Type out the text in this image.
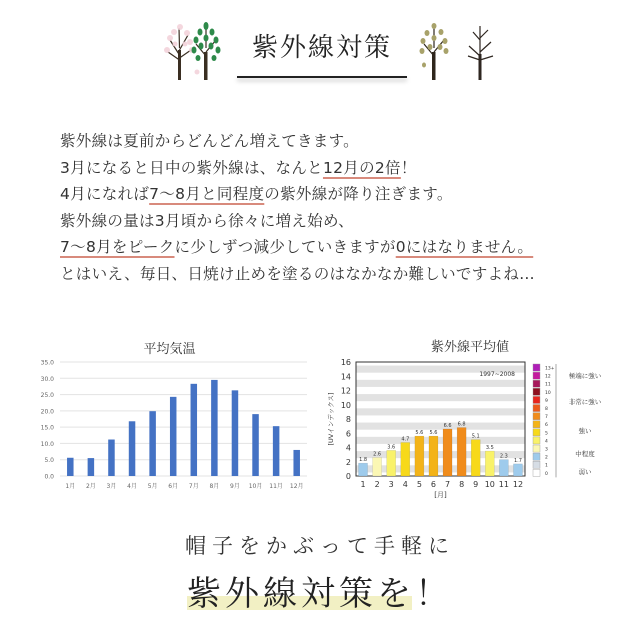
紫外線対策
紫外線は夏前からどんどん増えてきます。
3月になると日中の紫外線は、なんと12月の2倍！
4月になれば7〜8月と同程度の紫外線が降り注ぎます。
紫外線の量は3月頃から徐々に増え始め、
7〜8月をピークに少しずつ減少していきますが0にはなりません。
とはいえ、毎日、日焼け止めを塗るのはなかなか難しいですよね…
平均気温
0.0
5.0
10.0
15.0
20.0
25.0
30.0
35.0
1月 2月 3月 4月 5月 6月 7月 8月 9月 10月 11月 12月
紫外線平均値
0
2
4
6
8
10
12
14
16
[UVインデックス]
1997~2008
1.8
1
2.6
2
3.6
3
4.7
4
5.6
5
5.6
6
6.6
7
6.8
8
5.1
9
3.5
10
2.3
11
1.7
12
[月]
13+
12
11
10
9
8
7
6
5
4
3
2
1
0
極端に強い
非常に強い
強い
中程度
弱い
帽子をかぶって手軽に
紫外線対策を！
